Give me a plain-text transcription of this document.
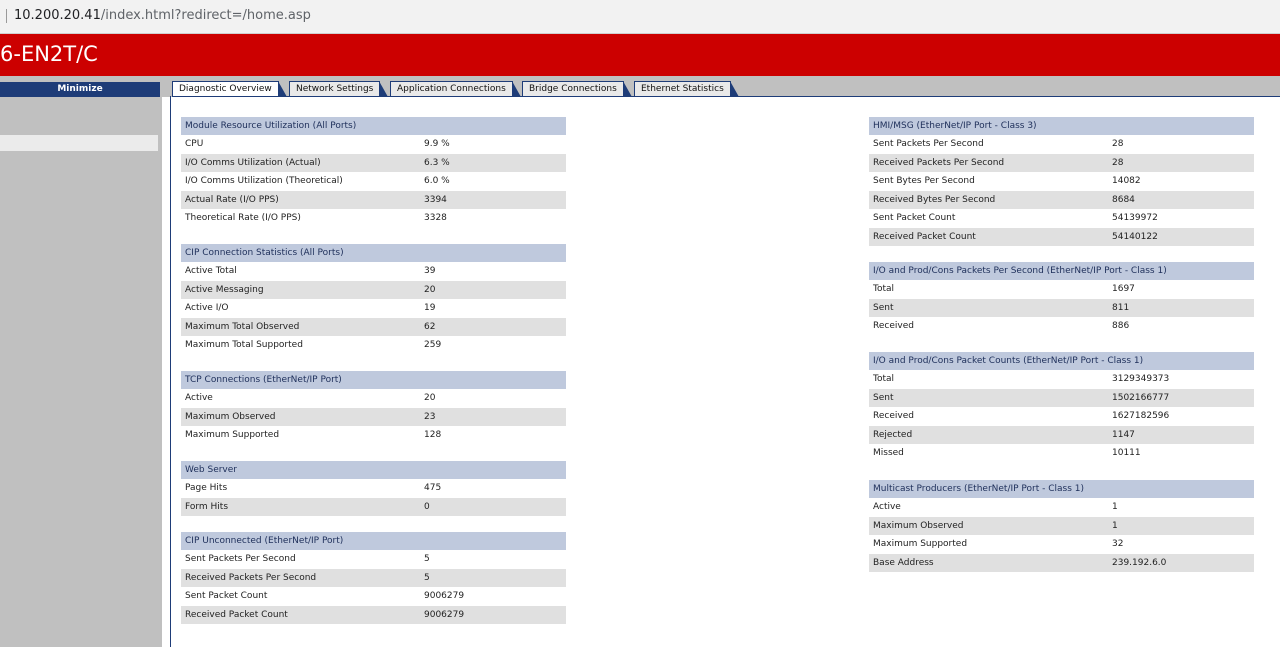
10.200.20.41/index.html?redirect=/home.asp
6-EN2T/C
Minimize	Diagnostic Overview	Network Settings	Application Connections	Bridge Connections	Ethernet Statistics
Module Resource Utilization (All Ports)
CPU	9.9 %
I/O Comms Utilization (Actual)	6.3 %
I/O Comms Utilization (Theoretical)	6.0 %
Actual Rate (I/O PPS)	3394
Theoretical Rate (I/O PPS)	3328
CIP Connection Statistics (All Ports)
Active Total	39
Active Messaging	20
Active I/O	19
Maximum Total Observed	62
Maximum Total Supported	259
TCP Connections (EtherNet/IP Port)
Active	20
Maximum Observed	23
Maximum Supported	128
Web Server
Page Hits	475
Form Hits	0
CIP Unconnected (EtherNet/IP Port)
Sent Packets Per Second	5
Received Packets Per Second	5
Sent Packet Count	9006279
Received Packet Count	9006279
HMI/MSG (EtherNet/IP Port - Class 3)
Sent Packets Per Second	28
Received Packets Per Second	28
Sent Bytes Per Second	14082
Received Bytes Per Second	8684
Sent Packet Count	54139972
Received Packet Count	54140122
I/O and Prod/Cons Packets Per Second (EtherNet/IP Port - Class 1)
Total	1697
Sent	811
Received	886
I/O and Prod/Cons Packet Counts (EtherNet/IP Port - Class 1)
Total	3129349373
Sent	1502166777
Received	1627182596
Rejected	1147
Missed	10111
Multicast Producers (EtherNet/IP Port - Class 1)
Active	1
Maximum Observed	1
Maximum Supported	32
Base Address	239.192.6.0
